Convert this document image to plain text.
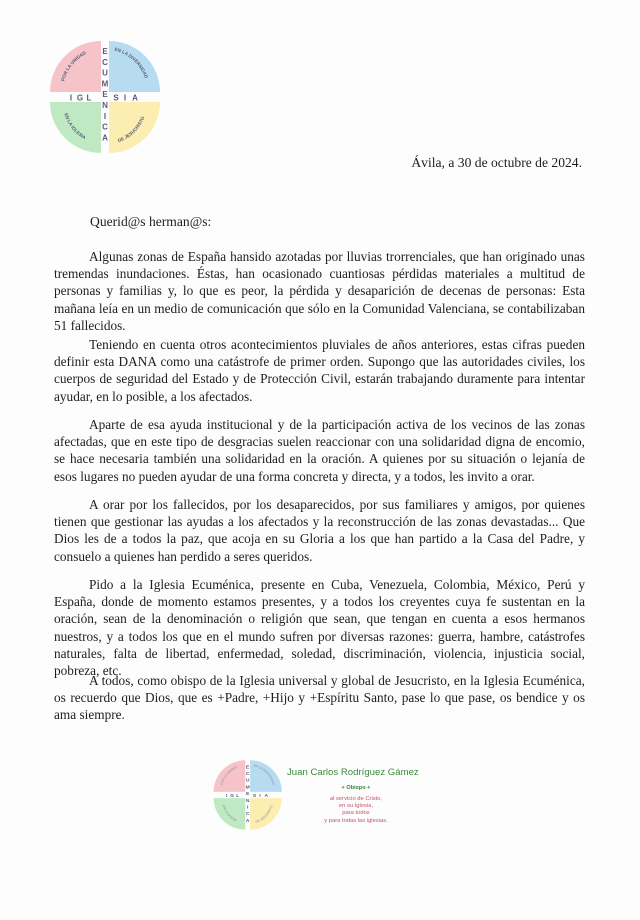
POR LA UNIDAD
EN LA DIVERSIDAD
EN LA IGLESIA
DE JESUCRISTO
E
C
U
M
E
N
I
C
A
I G L	S I A
Ávila, a 30 de octubre de 2024.
Querid@s herman@s:

Algunas zonas de España hansido azotadas por lluvias trorrenciales, que han originado unas tremendas inundaciones. Éstas, han ocasionado cuantiosas pérdidas materiales a multitud de personas y familias y, lo que es peor, la pérdida y desaparición de decenas de personas: Esta mañana leía en un medio de comunicación que sólo en la Comunidad Valenciana, se contabilizaban 51 fallecidos.

Teniendo en cuenta otros acontecimientos pluviales de años anteriores, estas cifras pueden definir esta DANA como una catástrofe de primer orden. Supongo que las autoridades civiles, los cuerpos de seguridad del Estado y de Protección Civil, estarán trabajando duramente para intentar ayudar, en lo posible, a los afectados.

Aparte de esa ayuda institucional y de la participación activa de los vecinos de las zonas afectadas, que en este tipo de desgracias suelen reaccionar con una solidaridad digna de encomio, se hace necesaria también una solidaridad en la oración. A quienes por su situación o lejanía de esos lugares no pueden ayudar de una forma concreta y directa, y a todos, les invito a orar.

A orar por los fallecidos, por los desaparecidos, por sus familiares y amigos, por quienes tienen que gestionar las ayudas a los afectados y la reconstrucción de las zonas devastadas... Que Dios les de a todos la paz, que acoja en su Gloria a los que han partido a la Casa del Padre, y consuelo a quienes han perdido a seres queridos.

Pido a la Iglesia Ecuménica, presente en Cuba, Venezuela, Colombia, México, Perú y España, donde de momento estamos presentes, y a todos los creyentes cuya fe sustentan en la oración, sean de la denominación o religión que sean, que tengan en cuenta a esos hermanos nuestros, y a todos los que en el mundo sufren por diversas razones: guerra, hambre, catástrofes naturales, falta de libertad, enfermedad, soledad, discriminación, violencia, injusticia social, pobreza, etc.

A todos, como obispo de la Iglesia universal y global de Jesucristo, en la Iglesia Ecuménica, os recuerdo que Dios, que es +Padre, +Hijo y +Espíritu Santo, pase lo que pase, os bendice y os ama siempre.

POR LA UNIDAD	EN LA DIVERSIDAD
EN LA IGLESIA	DE JESUCRISTO
E
C
U
M
E
N
I
C
A
I G L S I A
Juan Carlos Rodríguez Gámez
+ Obispo +
al servicio de Cristo,
en su Iglesia,
para todos
y para todas las iglesias.
